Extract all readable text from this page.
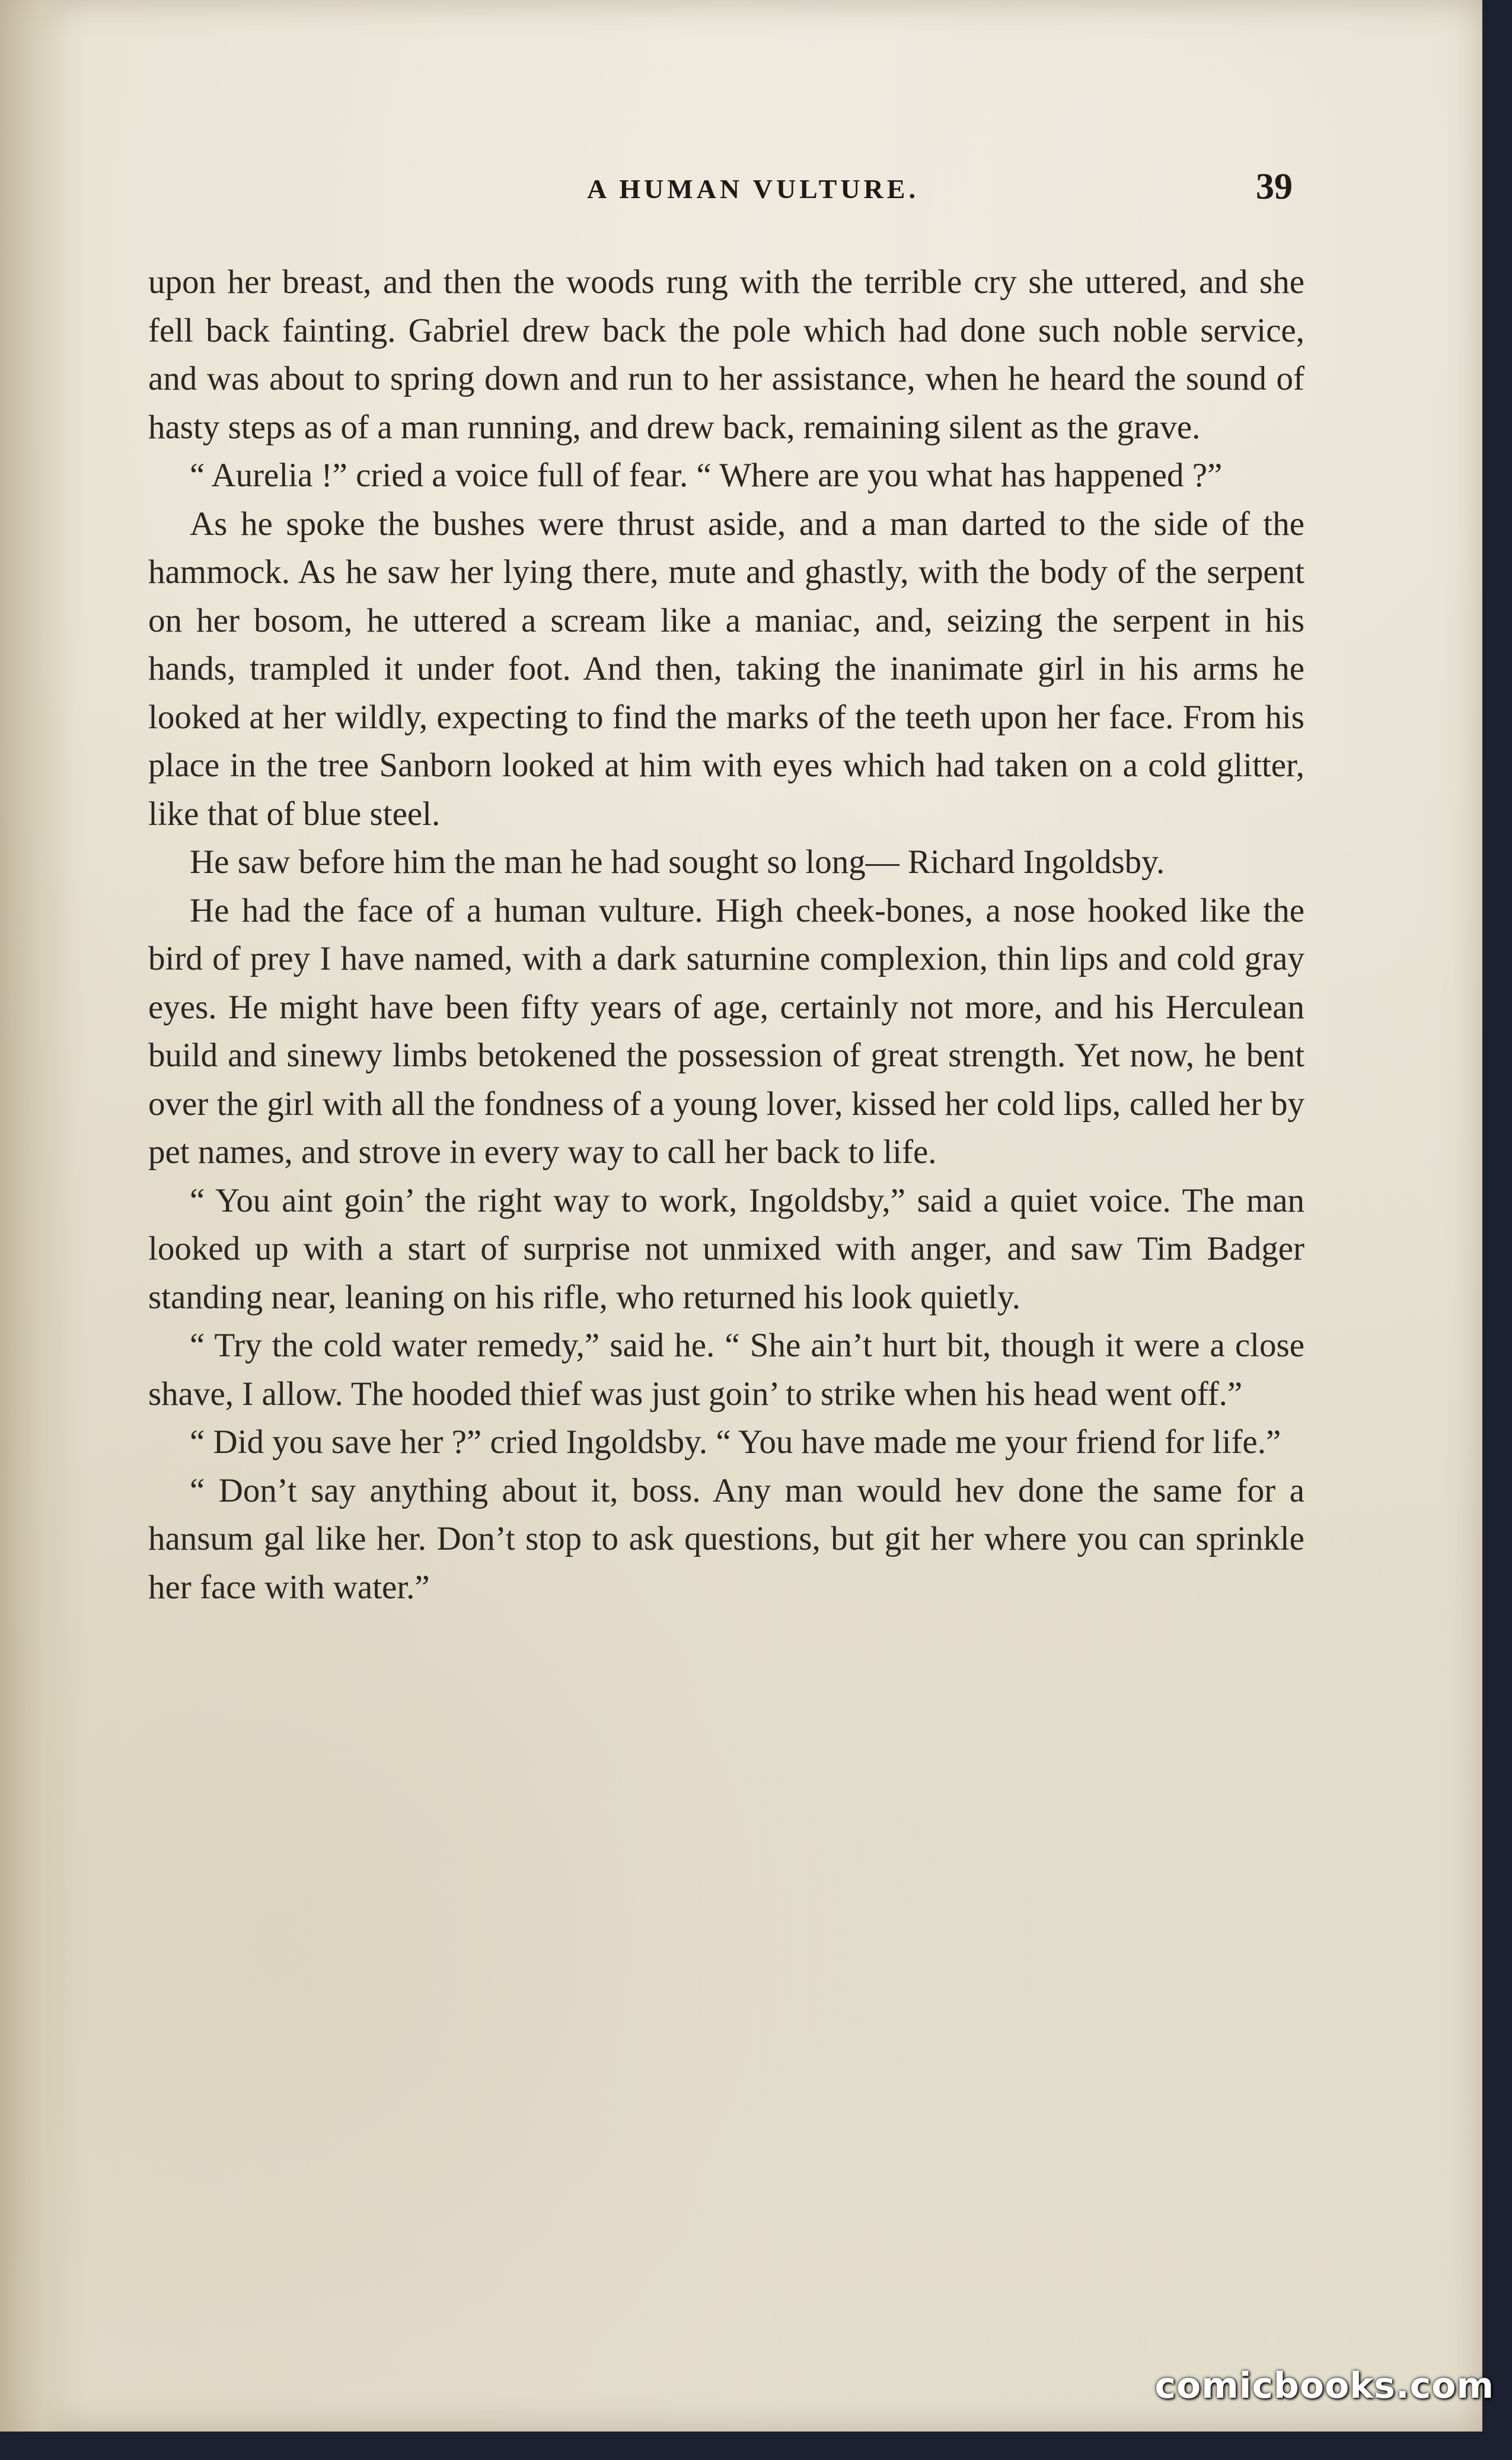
A HUMAN VULTURE.	39

upon her breast, and then the woods rung with the terrible cry she uttered, and she fell back fainting. Gabriel drew back the pole which had done such noble service, and was about to spring down and run to her assistance, when he heard the sound of hasty steps as of a man running, and drew back, remaining silent as the grave.

“ Aurelia !” cried a voice full of fear. “ Where are you what has happened ?”

As he spoke the bushes were thrust aside, and a man darted to the side of the hammock. As he saw her lying there, mute and ghastly, with the body of the serpent on her bosom, he uttered a scream like a maniac, and, seizing the serpent in his hands, trampled it under foot. And then, taking the inanimate girl in his arms he looked at her wildly, expecting to find the marks of the teeth upon her face. From his place in the tree Sanborn looked at him with eyes which had taken on a cold glitter, like that of blue steel.

He saw before him the man he had sought so long— Richard Ingoldsby.

He had the face of a human vulture. High cheek-bones, a nose hooked like the bird of prey I have named, with a dark saturnine complexion, thin lips and cold gray eyes. He might have been fifty years of age, certainly not more, and his Herculean build and sinewy limbs betokened the possession of great strength. Yet now, he bent over the girl with all the fondness of a young lover, kissed her cold lips, called her by pet names, and strove in every way to call her back to life.

“ You aint goin’ the right way to work, Ingoldsby,” said a quiet voice. The man looked up with a start of surprise not unmixed with anger, and saw Tim Badger standing near, leaning on his rifle, who returned his look quietly.

“ Try the cold water remedy,” said he. “ She ain’t hurt bit, though it were a close shave, I allow. The hooded thief was just goin’ to strike when his head went off.”

“ Did you save her ?” cried Ingoldsby. “ You have made me your friend for life.”

“ Don’t say anything about it, boss. Any man would hev done the same for a hansum gal like her. Don’t stop to ask questions, but git her where you can sprinkle her face with water.”

comicbooks.com
